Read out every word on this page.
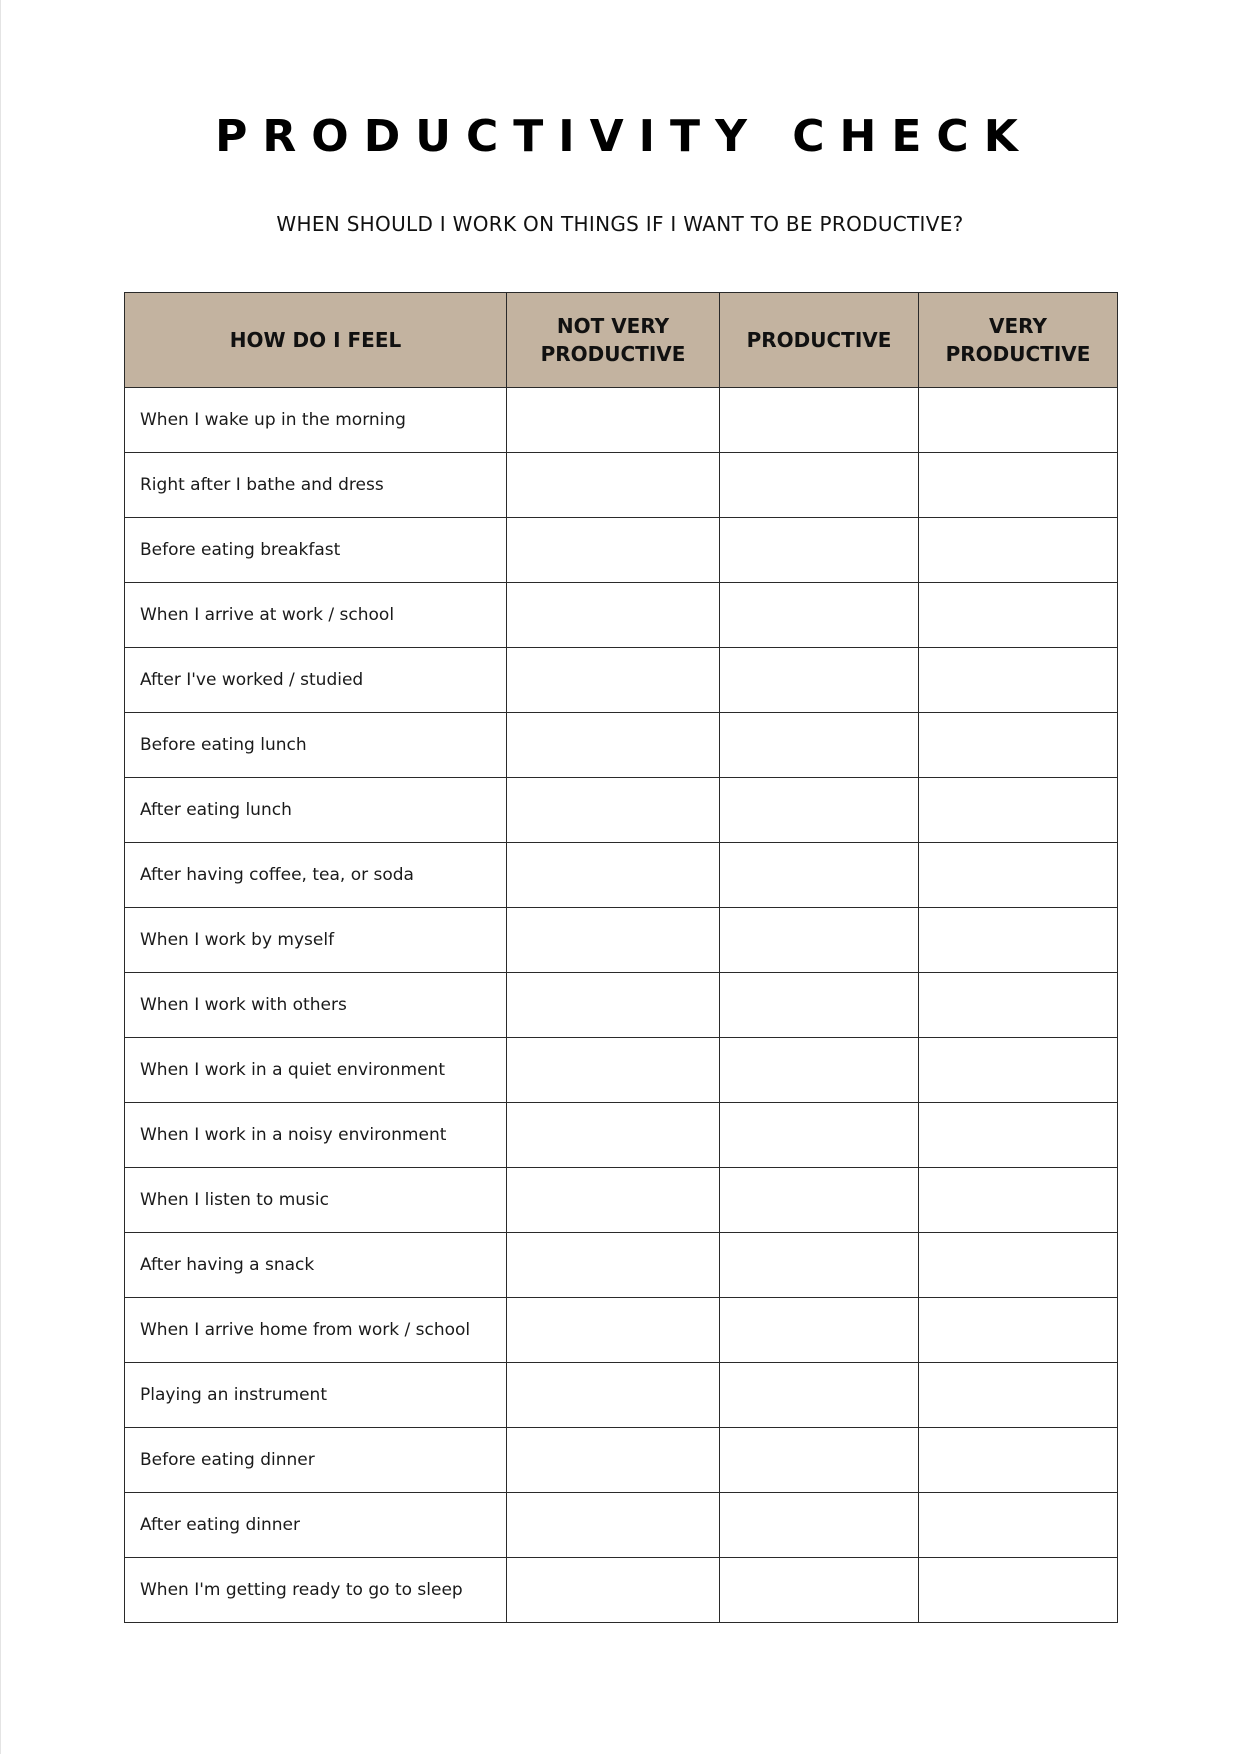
PRODUCTIVITY CHECK
WHEN SHOULD I WORK ON THINGS IF I WANT TO BE PRODUCTIVE?
HOW DO I FEEL	NOT VERY PRODUCTIVE	PRODUCTIVE	VERY PRODUCTIVE

When I wake up in the morning			
Right after I bathe and dress			
Before eating breakfast			
When I arrive at work / school			
After I've worked / studied			
Before eating lunch			
After eating lunch			
After having coffee, tea, or soda			
When I work by myself			
When I work with others			
When I work in a quiet environment			
When I work in a noisy environment			
When I listen to music			
After having a snack			
When I arrive home from work / school			
Playing an instrument			
Before eating dinner			
After eating dinner			
When I'm getting ready to go to sleep			
